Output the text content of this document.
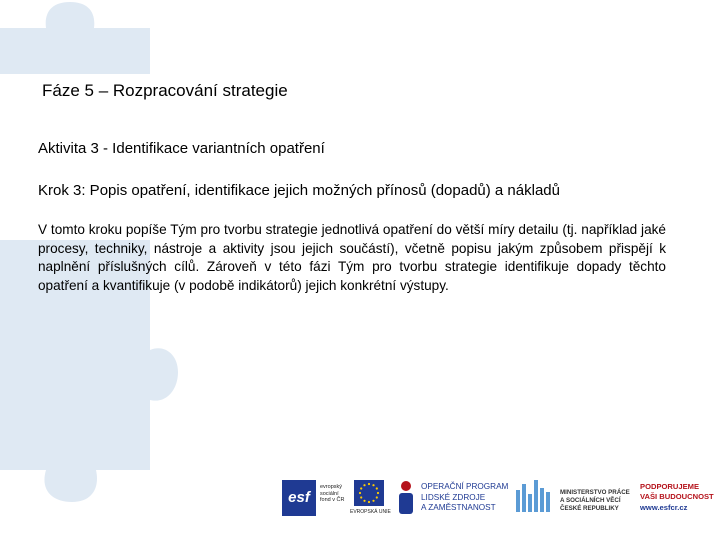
Fáze 5 – Rozpracování strategie
Aktivita 3 - Identifikace variantních opatření
Krok 3: Popis opatření, identifikace jejich možných přínosů (dopadů) a nákladů

V tomto kroku popíše Tým pro tvorbu strategie jednotlivá opatření do větší míry detailu (tj. například jaké procesy, techniky, nástroje a aktivity jsou jejich součástí), včetně popisu jakým způsobem přispějí k naplnění příslušných cílů. Zároveň v této fázi Tým pro tvorbu strategie identifikuje dopady těchto opatření a kvantifikuje (v podobě indikátorů) jejich konkrétní výstupy.

esf
evropský
sociální
fond v ČR
EVROPSKÁ UNIE
OPERAČNÍ PROGRAM
LIDSKÉ ZDROJE
A ZAMĚSTNANOST
MINISTERSTVO PRÁCE
A SOCIÁLNÍCH VĚCÍ
ČESKÉ REPUBLIKY
PODPORUJEME
VAŠI BUDOUCNOST
www.esfcr.cz
